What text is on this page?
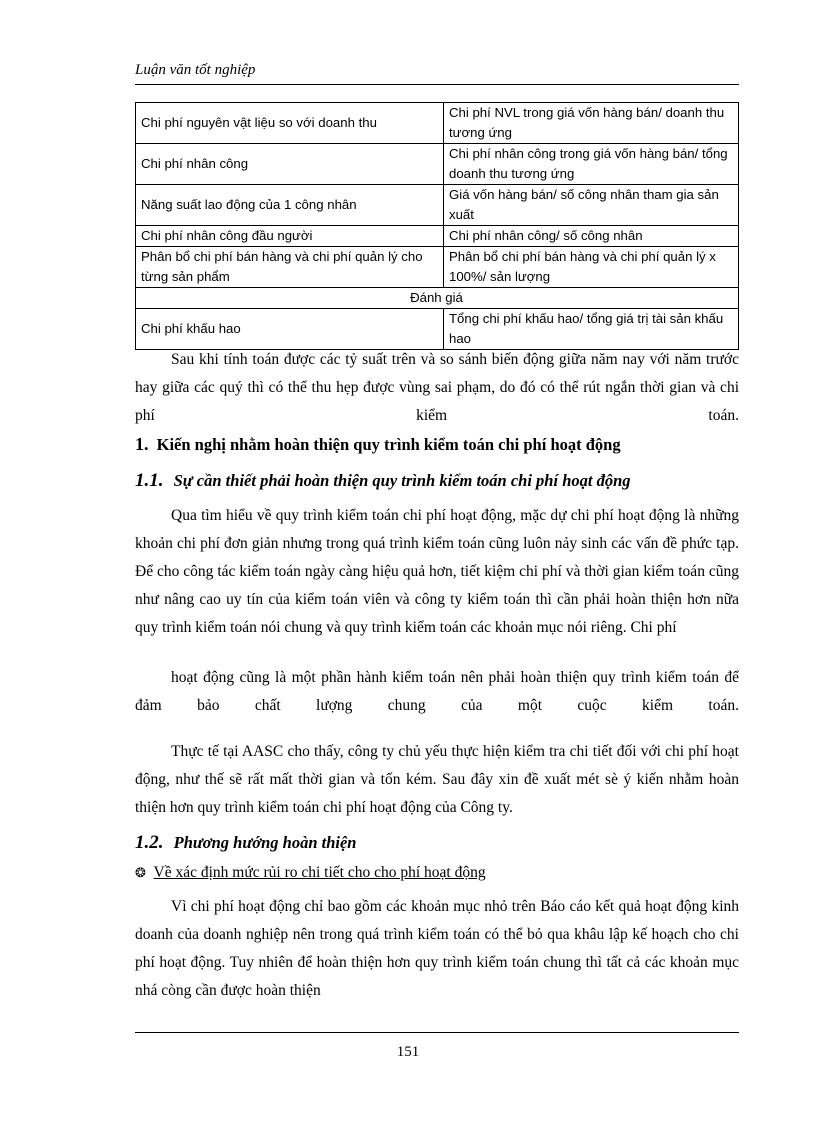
Luận văn tốt nghiệp
Chi phí nguyên vật liệu so với doanh thu	Chi phí NVL trong giá vốn hàng bán/ doanh thu tương ứng
Chi phí nhân công	Chi phí nhân công trong giá vốn hàng bán/ tổng doanh thu tương ứng
Năng suất lao động của 1 công nhân	Giá vốn hàng bán/ số công nhân tham gia sản xuất
Chi phí nhân công đầu người	Chi phí nhân công/ số công nhân
Phân bổ chi phí bán hàng và chi phí quản lý cho từng sản phẩm	Phân bổ chi phí bán hàng và chi phí quản lý x 100%/ sản lượng
Đánh giá	
Chi phí khấu hao	Tổng chi phí khấu hao/ tổng giá trị tài sản khấu hao
Sau khi tính toán được các tỷ suất trên và so sánh biến động giữa năm nay với năm trước hay giữa các quý thì có thể thu hẹp được vùng sai phạm, do đó có thể rút ngắn thời gian và chi phí kiểm toán.
1. Kiến nghị nhằm hoàn thiện quy trình kiểm toán chi phí hoạt động
1.1. Sự cần thiết phải hoàn thiện quy trình kiểm toán chi phí hoạt động
Qua tìm hiểu về quy trình kiểm toán chi phí hoạt động, mặc dự chi phí hoạt động là những khoản chi phí đơn giản nhưng trong quá trình kiểm toán cũng luôn nảy sinh các vấn đề phức tạp. Để cho công tác kiểm toán ngày càng hiệu quả hơn, tiết kiệm chi phí và thời gian kiểm toán cũng như nâng cao uy tín của kiểm toán viên và công ty kiểm toán thì cần phải hoàn thiện hơn nữa quy trình kiểm toán nói chung và quy trình kiểm toán các khoản mục nói riêng. Chi phí
hoạt động cũng là một phần hành kiểm toán nên phải hoàn thiện quy trình kiểm toán để đảm bảo chất lượng chung của một cuộc kiểm toán.
Thực tế tại AASC cho thấy, công ty chủ yếu thực hiện kiểm tra chi tiết đối với chi phí hoạt động, như thế sẽ rất mất thời gian và tốn kém. Sau đây xin đề xuất mét sè ý kiến nhằm hoàn thiện hơn quy trình kiểm toán chi phí hoạt động của Công ty.
1.2. Phương hướng hoàn thiện
❂ Về xác định mức rủi ro chi tiết cho cho phí hoạt động
Vì chi phí hoạt động chỉ bao gồm các khoản mục nhỏ trên Báo cáo kết quả hoạt động kinh doanh của doanh nghiệp nên trong quá trình kiểm toán có thể bỏ qua khâu lập kế hoạch cho chi phí hoạt động. Tuy nhiên để hoàn thiện hơn quy trình kiểm toán chung thì tất cả các khoản mục nhá còng cần được hoàn thiện
151
